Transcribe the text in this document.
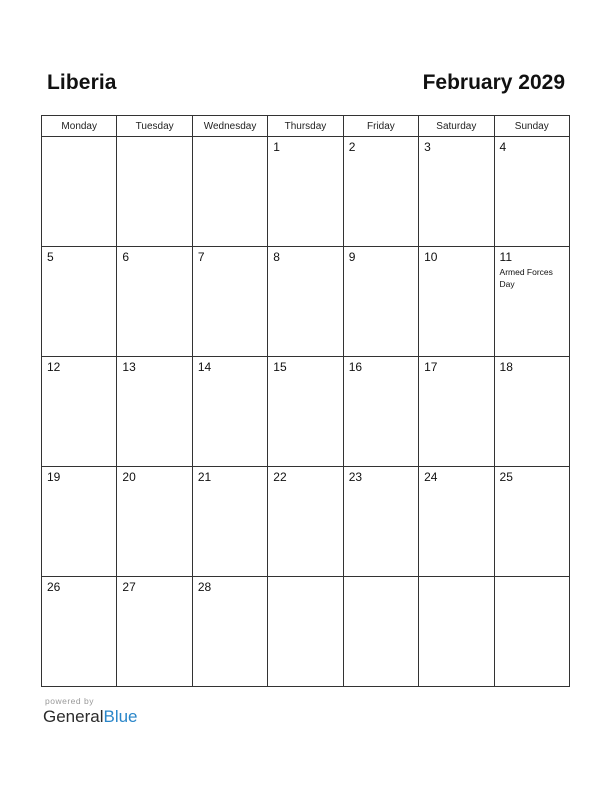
Liberia	February 2029
Monday	Tuesday	Wednesday	Thursday	Friday	Saturday	Sunday

			1	2	3	4

5	6	7	8	9	10	11
Armed Forces Day

12	13	14	15	16	17	18

19	20	21	22	23	24	25

26	27	28				

powered by
GeneralBlue
